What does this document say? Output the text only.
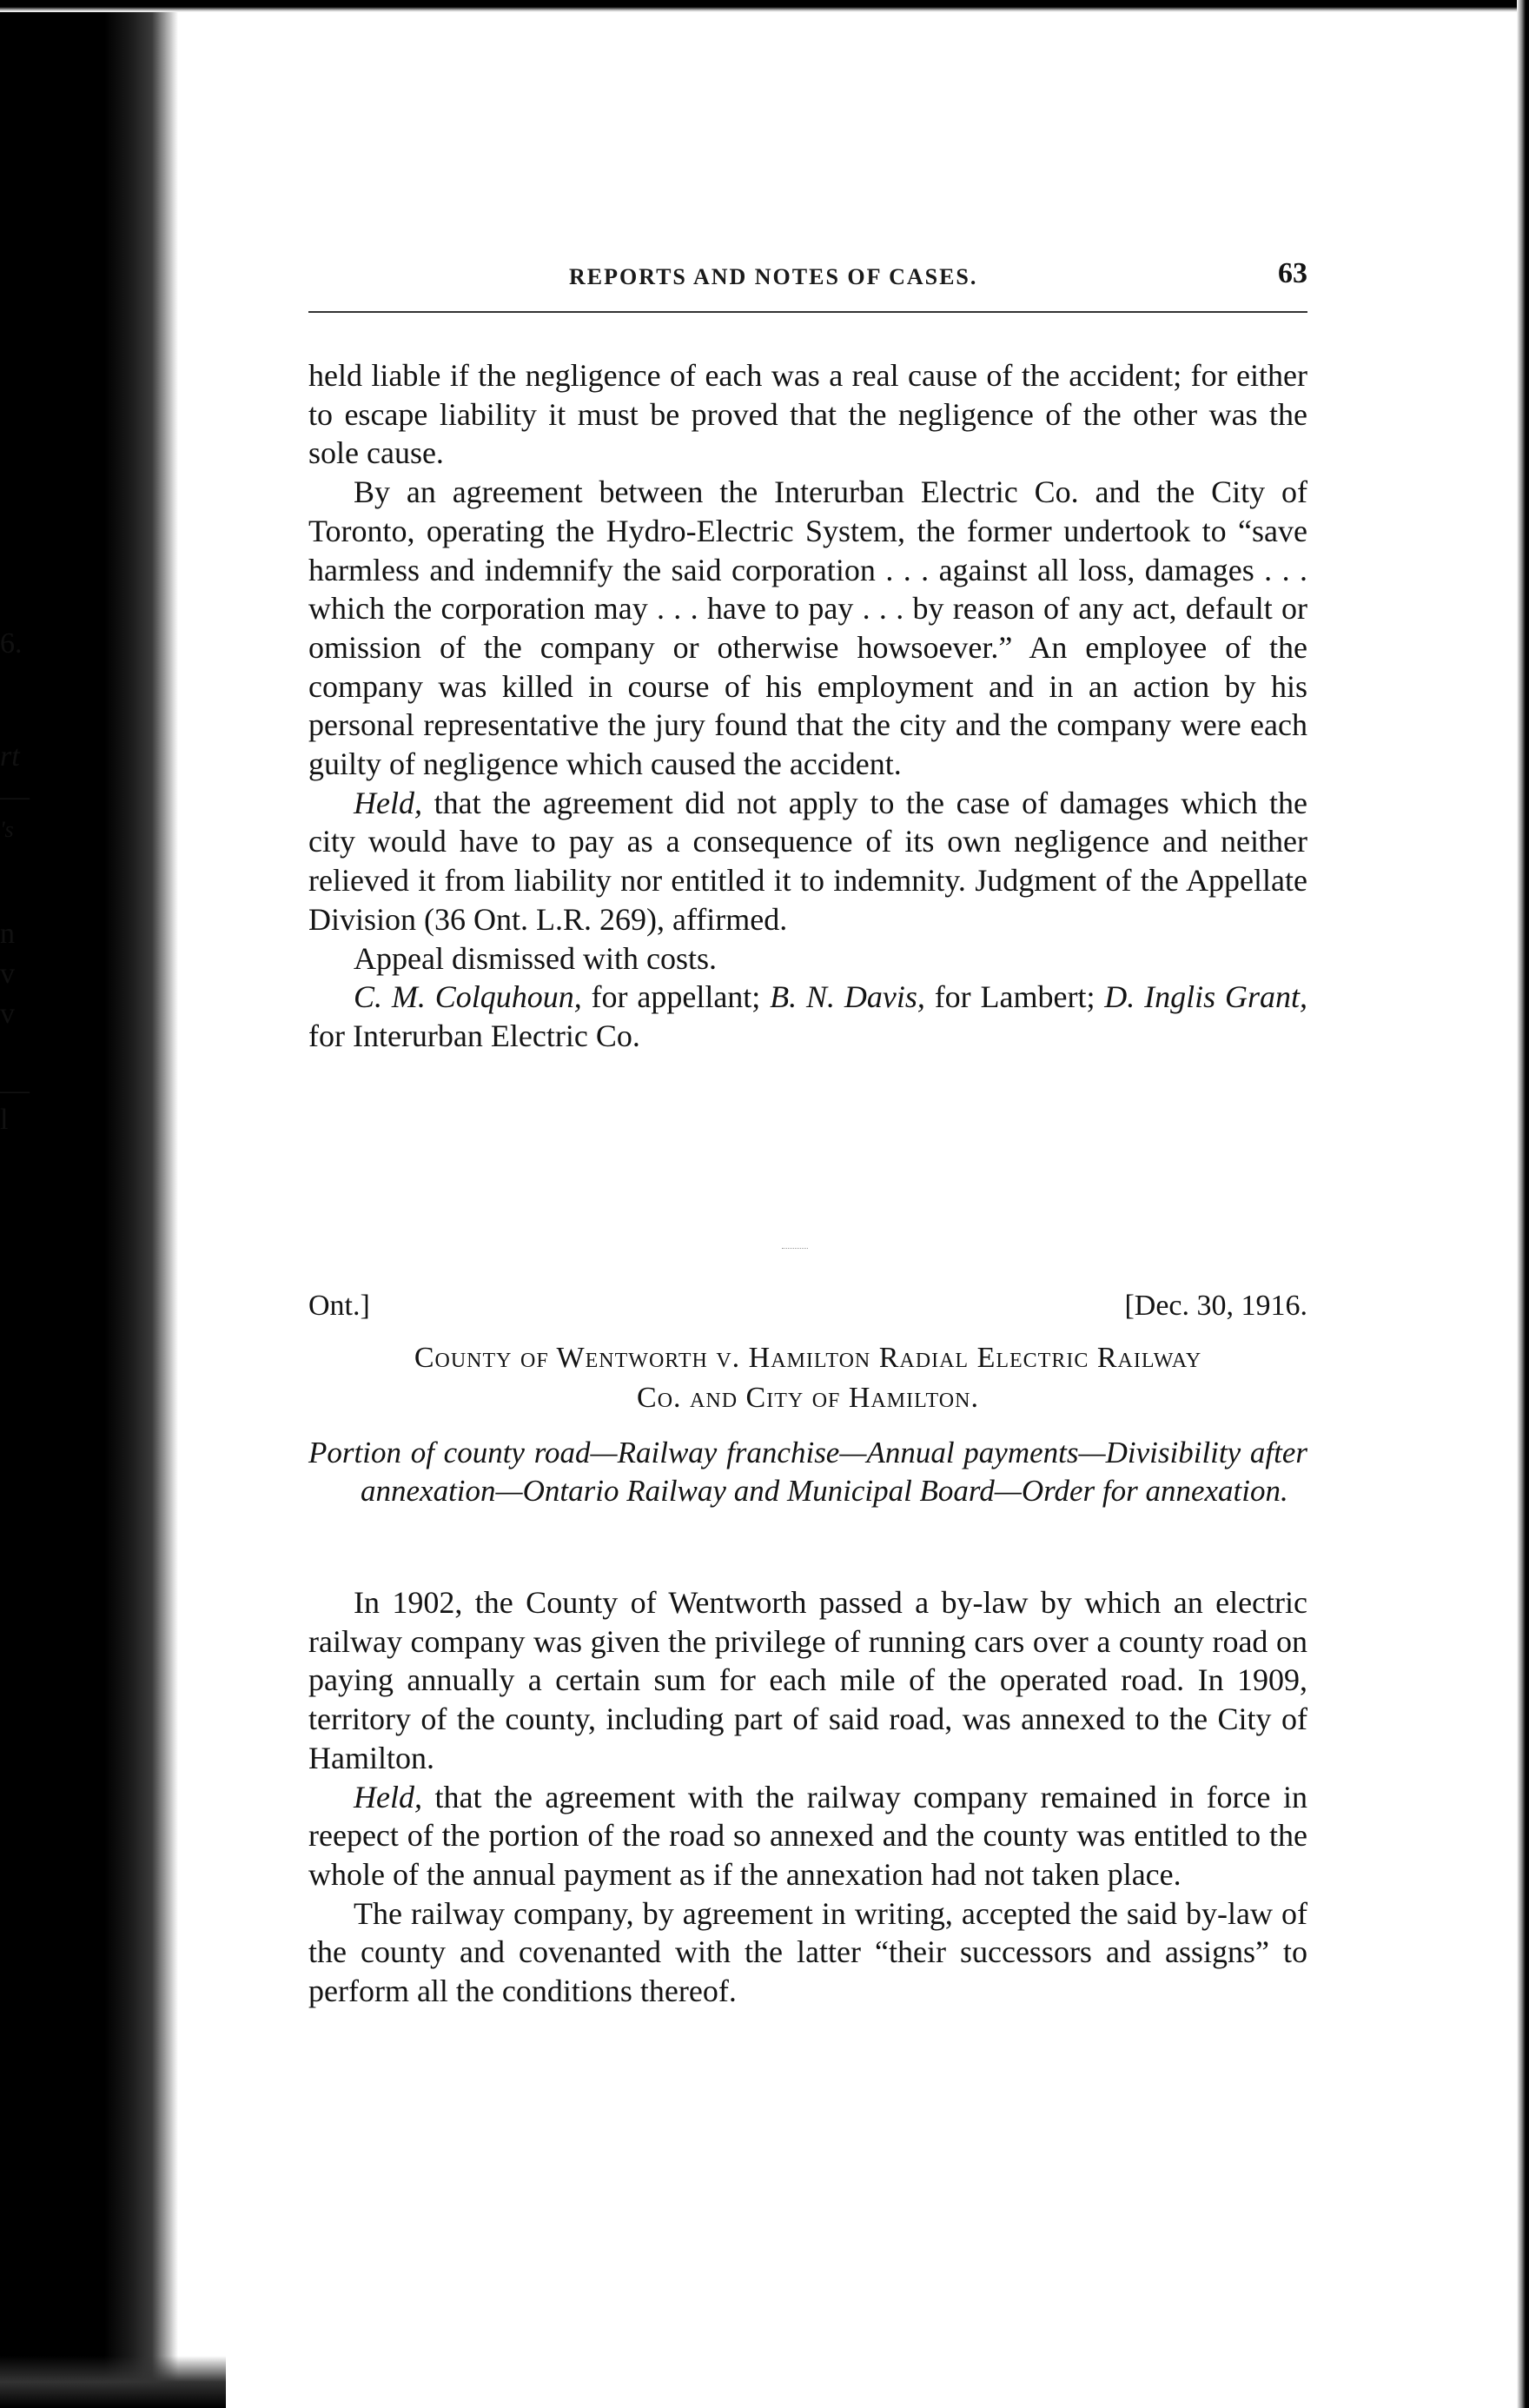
6.
rt
—
's
n
v
v
—
l
REPORTS AND NOTES OF CASES.	63

held liable if the negligence of each was a real cause of the accident; for either to escape liability it must be proved that the negligence of the other was the sole cause.

By an agreement between the Interurban Electric Co. and the City of Toronto, operating the Hydro-Electric System, the former undertook to “save harmless and indemnify the said corporation . . . against all loss, damages . . . which the corporation may . . . have to pay . . . by reason of any act, default or omission of the company or otherwise howsoever.” An employee of the company was killed in course of his employment and in an action by his personal representative the jury found that the city and the company were each guilty of negligence which caused the accident.

Held, that the agreement did not apply to the case of damages which the city would have to pay as a consequence of its own negligence and neither relieved it from liability nor entitled it to indemnity. Judgment of the Appellate Division (36 Ont. L.R. 269), affirmed.

Appeal dismissed with costs.

C. M. Colquhoun, for appellant; B. N. Davis, for Lambert; D. Inglis Grant, for Interurban Electric Co.

Ont.]	[Dec. 30, 1916.
County of Wentworth v. Hamilton Radial Electric Railway
Co. and City of Hamilton.
Portion of county road—Railway franchise—Annual payments—Divisibility after annexation—Ontario Railway and Municipal Board—Order for annexation.

In 1902, the County of Wentworth passed a by-law by which an electric railway company was given the privilege of running cars over a county road on paying annually a certain sum for each mile of the operated road. In 1909, territory of the county, including part of said road, was annexed to the City of Hamilton.

Held, that the agreement with the railway company remained in force in reepect of the portion of the road so annexed and the county was entitled to the whole of the annual payment as if the annexation had not taken place.

The railway company, by agreement in writing, accepted the said by-law of the county and covenanted with the latter “their successors and assigns” to perform all the conditions thereof.
